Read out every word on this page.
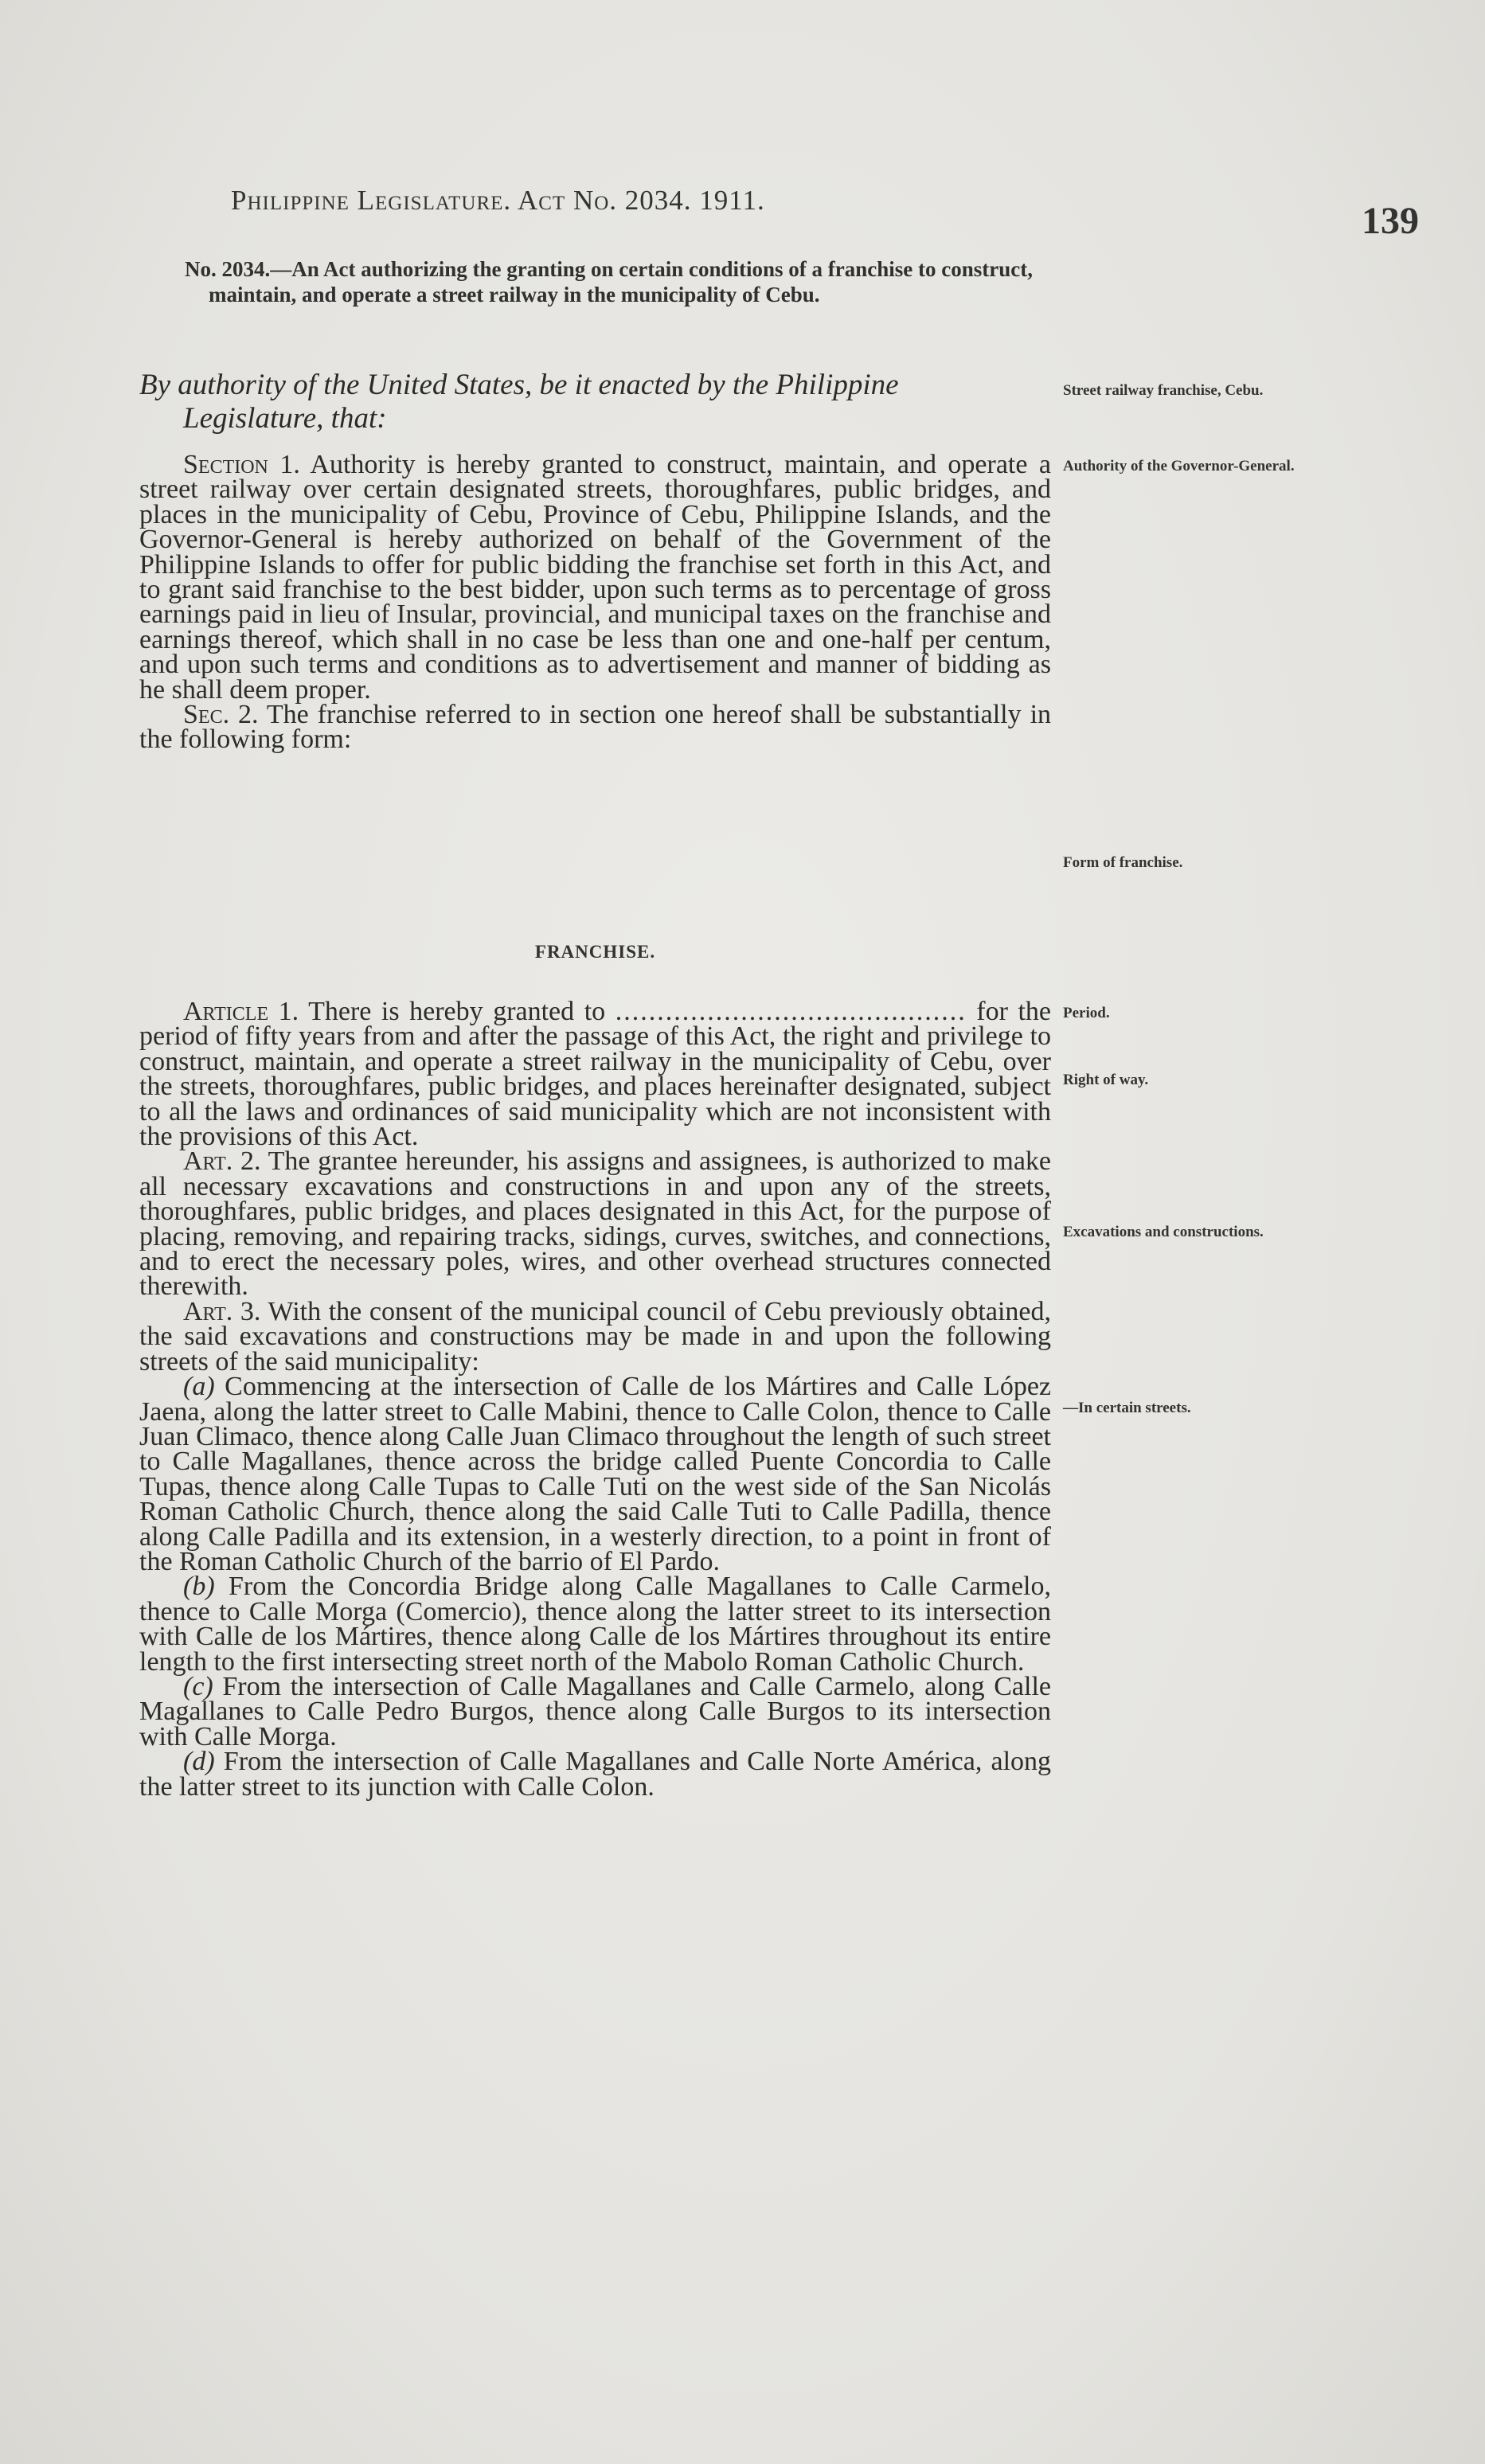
Philippine Legislature. Act No. 2034. 1911.	139
No. 2034.—An Act authorizing the granting on certain conditions of a franchise to construct, maintain, and operate a street railway in the municipality of Cebu.
By authority of the United States, be it enacted by the Philippine
Legislature, that:
Street railway franchise, Cebu.
Authority of the Governor-General.
Form of franchise.
Period.
Right of way.
Excavations and constructions.
—In certain streets.

Section 1. Authority is hereby granted to construct, maintain, and operate a street railway over certain designated streets, thoroughfares, public bridges, and places in the municipality of Cebu, Province of Cebu, Philippine Islands, and the Governor-General is hereby authorized on behalf of the Government of the Philippine Islands to offer for public bidding the franchise set forth in this Act, and to grant said franchise to the best bidder, upon such terms as to percentage of gross earnings paid in lieu of Insular, provincial, and municipal taxes on the franchise and earnings thereof, which shall in no case be less than one and one-half per centum, and upon such terms and conditions as to advertisement and manner of bidding as he shall deem proper.

Sec. 2. The franchise referred to in section one hereof shall be substantially in the following form:

FRANCHISE.

Article 1. There is hereby granted to .......................................... for the period of fifty years from and after the passage of this Act, the right and privilege to construct, maintain, and operate a street railway in the municipality of Cebu, over the streets, thoroughfares, public bridges, and places hereinafter designated, subject to all the laws and ordinances of said municipality which are not inconsistent with the provisions of this Act.

Art. 2. The grantee hereunder, his assigns and assignees, is authorized to make all necessary excavations and constructions in and upon any of the streets, thoroughfares, public bridges, and places designated in this Act, for the purpose of placing, removing, and repairing tracks, sidings, curves, switches, and connections, and to erect the necessary poles, wires, and other overhead structures connected therewith.

Art. 3. With the consent of the municipal council of Cebu previously obtained, the said excavations and constructions may be made in and upon the following streets of the said municipality:

(a) Commencing at the intersection of Calle de los Mártires and Calle López Jaena, along the latter street to Calle Mabini, thence to Calle Colon, thence to Calle Juan Climaco, thence along Calle Juan Climaco throughout the length of such street to Calle Magallanes, thence across the bridge called Puente Concordia to Calle Tupas, thence along Calle Tupas to Calle Tuti on the west side of the San Nicolás Roman Catholic Church, thence along the said Calle Tuti to Calle Padilla, thence along Calle Padilla and its extension, in a westerly direction, to a point in front of the Roman Catholic Church of the barrio of El Pardo.

(b) From the Concordia Bridge along Calle Magallanes to Calle Carmelo, thence to Calle Morga (Comercio), thence along the latter street to its intersection with Calle de los Mártires, thence along Calle de los Mártires throughout its entire length to the first intersecting street north of the Mabolo Roman Catholic Church.

(c) From the intersection of Calle Magallanes and Calle Carmelo, along Calle Magallanes to Calle Pedro Burgos, thence along Calle Burgos to its intersection with Calle Morga.

(d) From the intersection of Calle Magallanes and Calle Norte América, along the latter street to its junction with Calle Colon.
